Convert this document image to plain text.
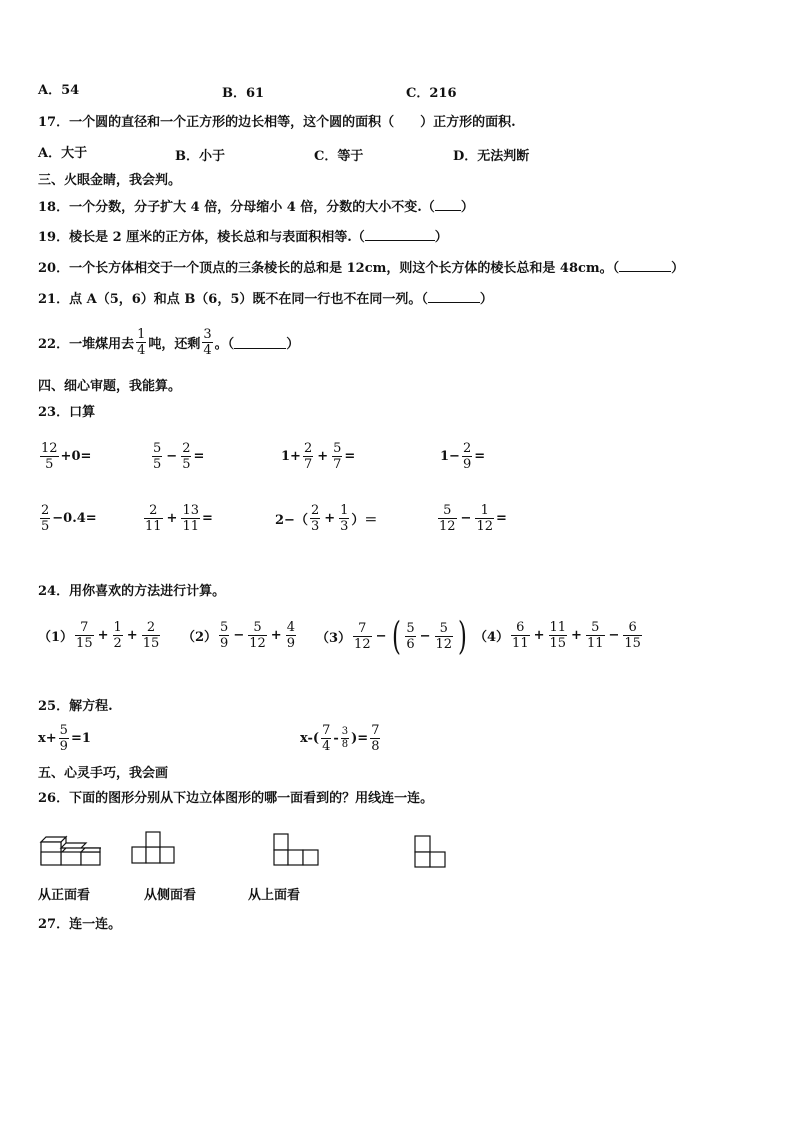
A．54	B．61	C．216
17．一个圆的直径和一个正方形的边长相等，这个圆的面积（ ）正方形的面积.
A．大于	B．小于	C．等于	D．无法判断
三、火眼金睛，我会判。
18．一个分数，分子扩大 4 倍，分母缩小 4 倍，分数的大小不变.（ ）
19．棱长是 2 厘米的正方体，棱长总和与表面积相等.（	）
20．一个长方体相交于一个顶点的三条棱长的总和是 12cm，则这个长方体的棱长总和是 48cm。（	）
21．点 A（5，6）和点 B（6，5）既不在同一行也不在同一列。（	）
22．一堆煤用去 $\frac{1}{4}$ 吨，还剩 $\frac{3}{4}$ 。（	）
四、细心审题，我能算。
23．口算
$\frac{12}{5} +0=$	$\frac{5}{5} - \frac{2}{5}$ =	$1+ \frac{2}{7} + \frac{5}{7}$ =	$1- \frac{2}{9}$ =
$\frac{2}{5} -0.4=$	$\frac{2}{11} + \frac{13}{11}$ =	$2-( \frac{2}{3} + \frac{1}{3}$ ）＝	$\frac{5}{12} - \frac{1}{12}$ =
24．用你喜欢的方法进行计算。
$(1) \frac{7}{15} + \frac{1}{2} + \frac{2}{15} (2) \frac{5}{9} - \frac{5}{12} + \frac{4}{9} (3) \frac{7}{12}$ − ( $\frac{5}{6} - \frac{5}{12}$ ) $(4) \frac{6}{11} + \frac{11}{15} + \frac{5}{11} - \frac{6}{15}$
25．解方程.
$x+ \frac{5}{9} =1$	$x-( \frac{7}{4} - \frac{3}{8}$ )= $\frac{7}{8}$
五、心灵手巧，我会画
26．下面的图形分别从下边立体图形的哪一面看到的？用线连一连。
从正面看	从侧面看	从上面看
27．连一连。
